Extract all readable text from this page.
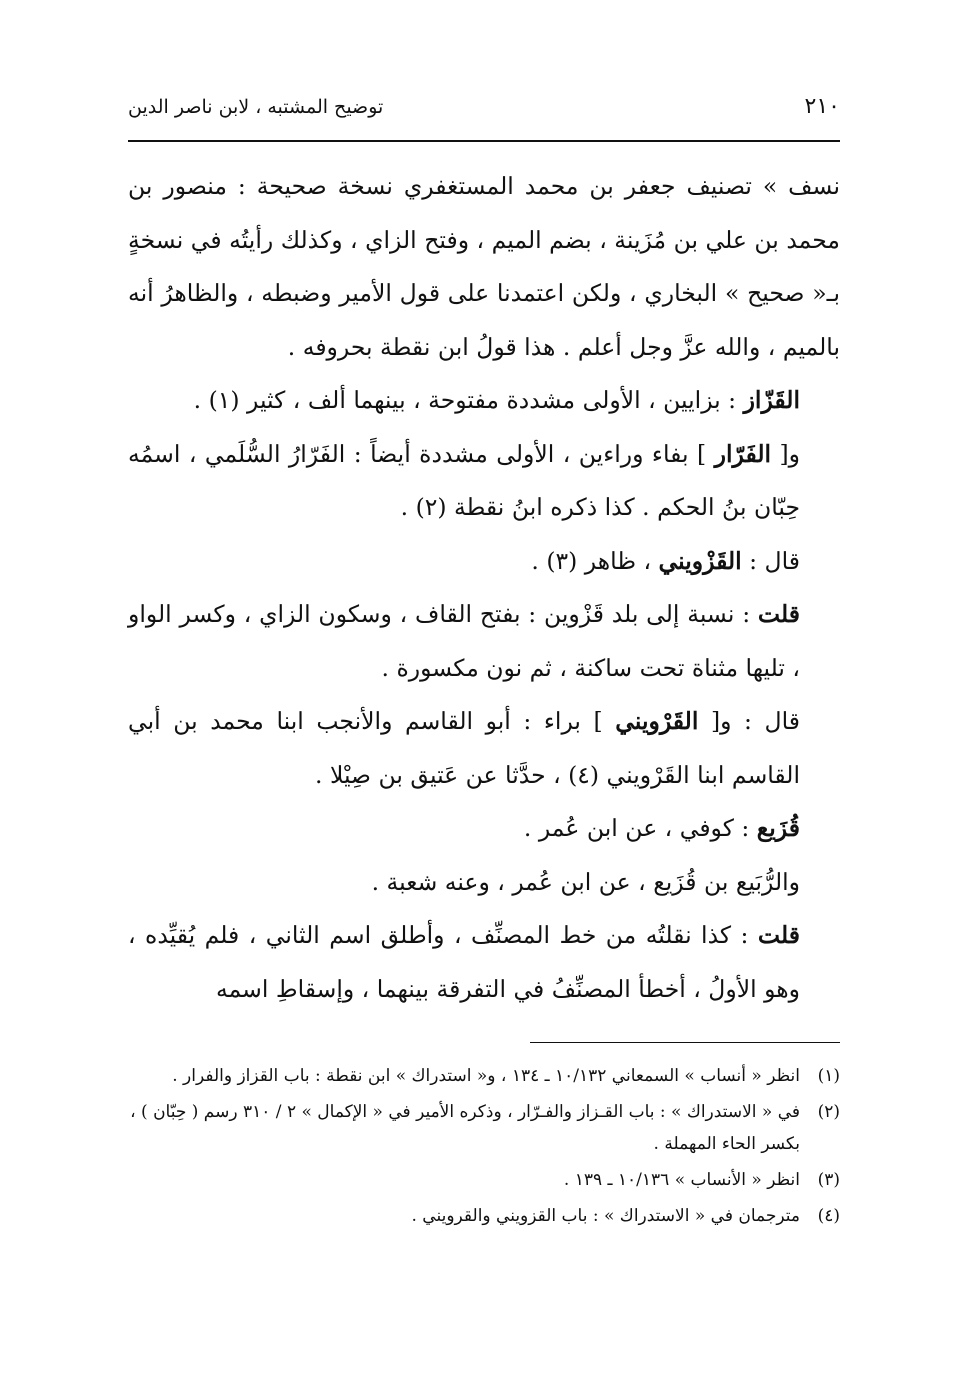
٢١٠
توضيح المشتبه ، لابن ناصر الدين

نسف » تصنيف جعفر بن محمد المستغفري نسخة صحيحة : منصور بن محمد بن علي بن مُزَينة ، بضم الميم ، وفتح الزاي ، وكذلك رأيتُه في نسخةٍ بـ« صحيح » البخاري ، ولكن اعتمدنا على قول الأمير وضبطه ، والظاهرُ أنه بالميم ، والله عزَّ وجل أعلم . هذا قولُ ابن نقطة بحروفه .

القَزّاز : بزايين ، الأولى مشددة مفتوحة ، بينهما ألف ، كثير (١) .

و[ الفَرّار ] بفاء وراءين ، الأولى مشددة أيضاً : الفَرّارُ السُّلَمي ، اسمُه حِبّان بنُ الحكم . كذا ذكره ابنُ نقطة (٢) .

قال : القَزْويني ، ظاهر (٣) .

قلت : نسبة إلى بلد قَزْوين : بفتح القاف ، وسكون الزاي ، وكسر الواو ، تليها مثناة تحت ساكنة ، ثم نون مكسورة .

قال : و[ القَرْويني ] براء : أبو القاسم والأنجب ابنا محمد بن أبي القاسم ابنا القَرْويني (٤) ، حدَّثا عن عَتيق بن صِيْلا .

قُزَيع : كوفي ، عن ابن عُمر .

والرُّبَيع بن قُزَيع ، عن ابن عُمر ، وعنه شعبة .

قلت : كذا نقلتُه من خط المصنِّف ، وأطلق اسم الثاني ، فلم يُقيِّده ، وهو الأولُ ، أخطأ المصنِّفُ في التفرقة بينهما ، وإسقاطِ اسمه

(١)انظر « أنساب » السمعاني ١٠/١٣٢ ـ ١٣٤ ، و« استدراك » ابن نقطة : باب القزاز والفرار .

(٢)في « الاستدراك » : باب القـزاز والفـرّار ، وذكره الأمير في « الإكمال » ٢ / ٣١٠ رسم ( حِبّان ) ، بكسر الحاء المهملة .

(٣)انظر « الأنساب » ١٠/١٣٦ ـ ١٣٩ .

(٤)مترجمان في « الاستدراك » : باب القزويني والقرويني .
